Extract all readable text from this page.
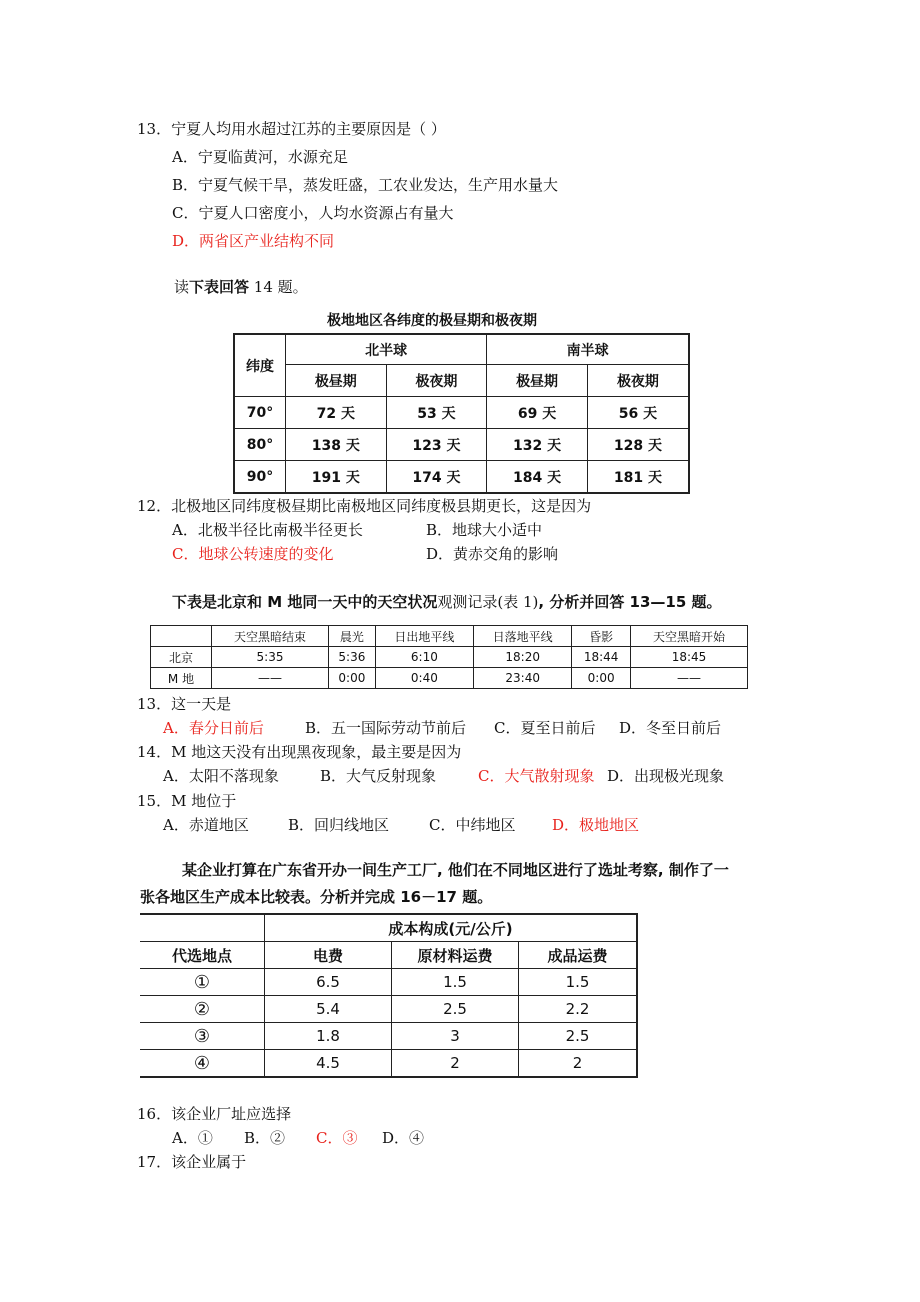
13．宁夏人均用水超过江苏的主要原因是（ ）
A．宁夏临黄河，水源充足
B．宁夏气候干旱，蒸发旺盛，工农业发达，生产用水量大
C．宁夏人口密度小，人均水资源占有量大
D．两省区产业结构不同
读下表回答 14 题。
极地地区各纬度的极昼期和极夜期
纬度	北半球		南半球	
	极昼期	极夜期	极昼期	极夜期
70°	72 天	53 天	69 天	56 天
80°	138 天	123 天	132 天	128 天
90°	191 天	174 天	184 天	181 天
12．北极地区同纬度极昼期比南极地区同纬度极县期更长，这是因为
A．北极半径比南极半径更长	B．地球大小适中
C．地球公转速度的变化	D．黄赤交角的影响
下表是北京和 M 地同一天中的天空状况观测记录(表 1), 分析并回答 13—15 题。
	天空黑暗结束	晨光	日出地平线	日落地平线	昏影	天空黑暗开始
北京	5:35	5:36	6:10	18:20	18:44	18:45
M 地	——	0:00	0:40	23:40	0:00	——
13．这一天是
A．春分日前后	B．五一国际劳动节前后 C．夏至日前后 D．冬至日前后
14．M 地这天没有出现黑夜现象，最主要是因为
A．太阳不落现象	B．大气反射现象	C．大气散射现象 D．出现极光现象
15．M 地位于
A．赤道地区	B．回归线地区	C．中纬地区 D．极地地区
某企业打算在广东省开办一间生产工厂, 他们在不同地区进行了选址考察, 制作了一
张各地区生产成本比较表。分析并完成 16－17 题。
	成本构成(元/公斤)		
代选地点	电费	原材料运费	成品运费
①	6.5	1.5	1.5
②	5.4	2.5	2.2
③	1.8	3	2.5
④	4.5	2	2
16．该企业厂址应选择
A．① B．② C．③ D．④
17．该企业属于
